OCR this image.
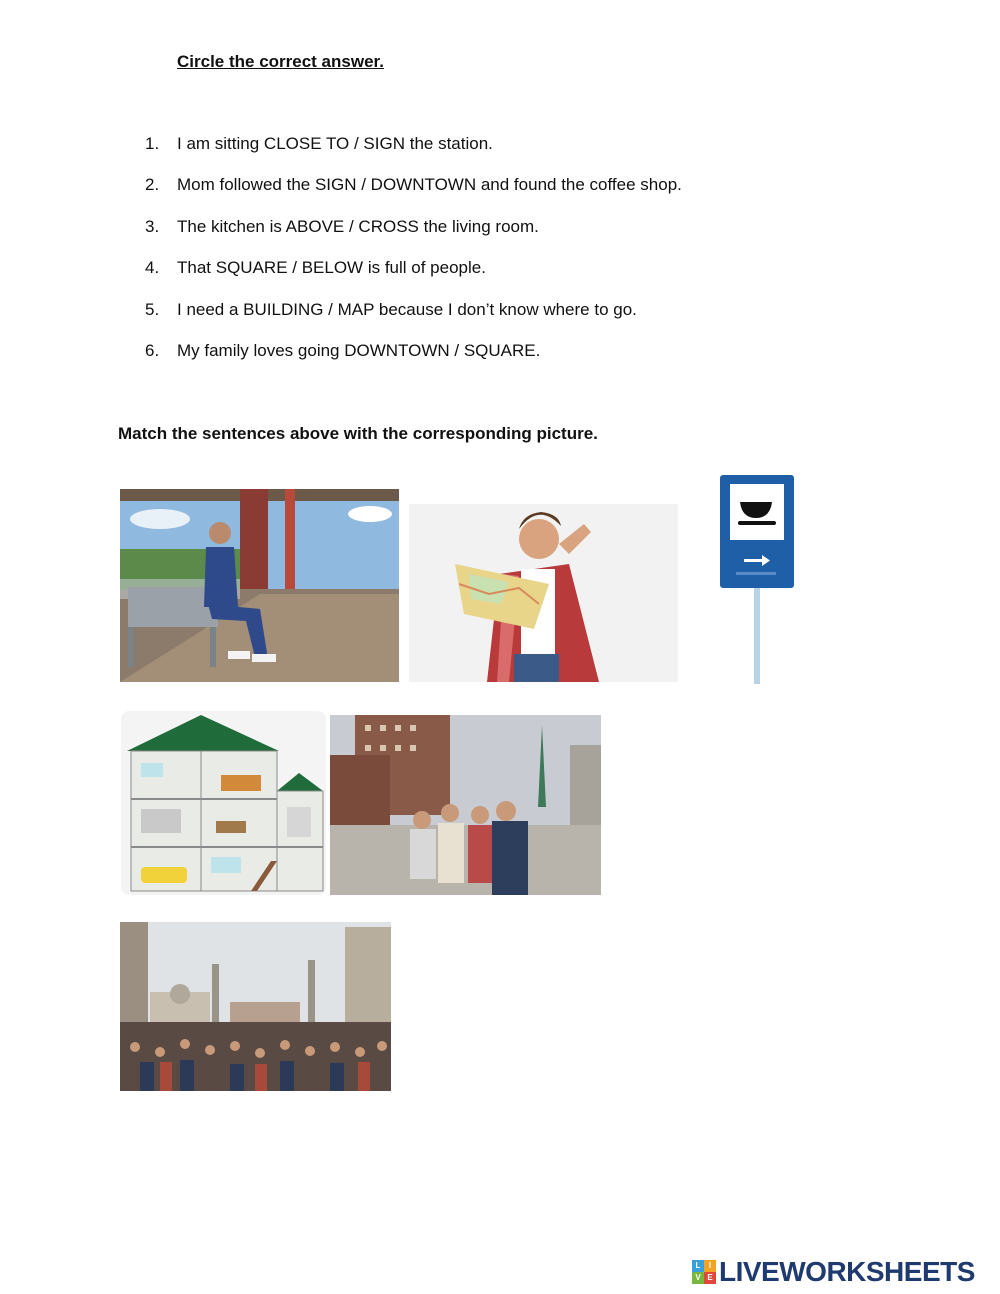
Circle the correct answer.
1.	I am sitting CLOSE TO / SIGN the station.
2.	Mom followed the SIGN / DOWNTOWN and found the coffee shop.
3.	The kitchen is ABOVE / CROSS the living room.
4.	That SQUARE / BELOW is full of people.
5.	I need a BUILDING / MAP because I don’t know where to go.
6.	My family loves going DOWNTOWN / SQUARE.
Match the sentences above with the corresponding picture.
L	I
V E LIVEWORKSHEETS
